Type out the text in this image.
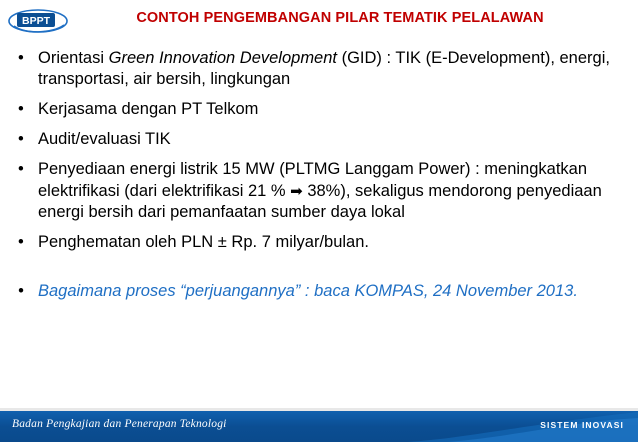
BPPT	CONTOH PENGEMBANGAN PILAR TEMATIK PELALAWAN
• Orientasi Green Innovation Development (GID) : TIK (E-Development), energi, transportasi, air bersih, lingkungan
• Kerjasama dengan PT Telkom
• Audit/evaluasi TIK
• Penyediaan energi listrik 15 MW (PLTMG Langgam Power) : meningkatkan elektrifikasi (dari elektrifikasi 21 % ➡ 38%), sekaligus mendorong penyediaan energi bersih dari pemanfaatan sumber daya lokal
• Penghematan oleh PLN ± Rp. 7 milyar/bulan.
• Bagaimana proses “perjuangannya” : baca KOMPAS, 24 November 2013.
Badan Pengkajian dan Penerapan Teknologi	SISTEM INOVASI
